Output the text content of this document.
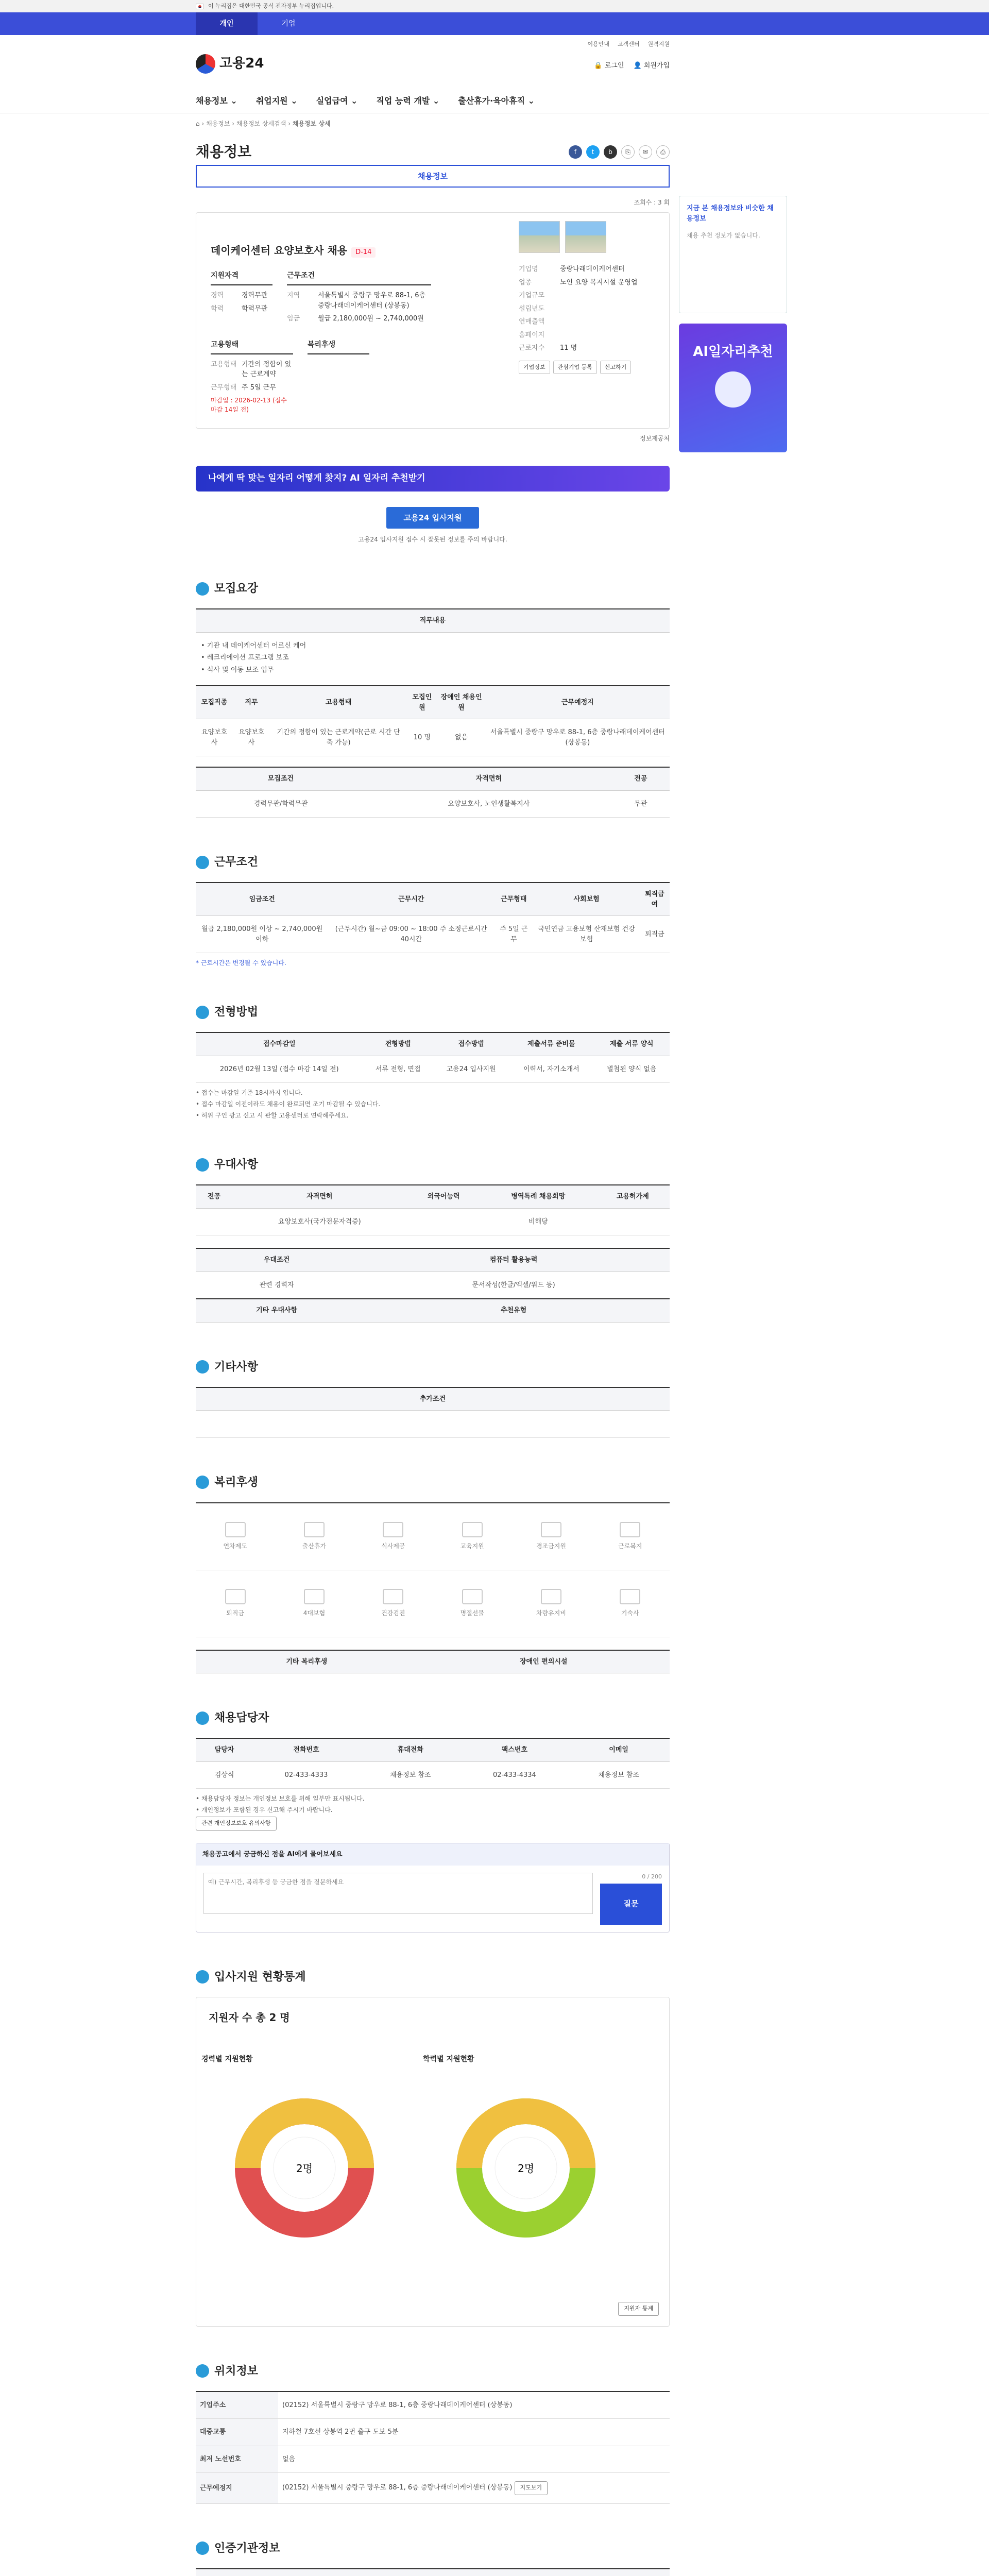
이 누리집은 대한민국 공식 전자정부 누리집입니다.
개인	기업
고용24
이용안내 고객센터 원격지원
🔒 로그인 👤 회원가입
채용정보 ⌄ 취업지원 ⌄ 실업급여 ⌄ 직업 능력 개발 ⌄ 출산휴가·육아휴직 ⌄
⌂ › 채용정보 › 채용정보 상세검색 › 채용정보 상세
채용정보	f	t	b	⎘	✉	⎙
채용정보

지금 본 채용정보와 비슷한 채용정보

채용 추천 정보가 없습니다.

AI일자리추천

조회수 : 3 회

데이케어센터 요양보호사 채용 D-14
지원자격
경력	경력무관
학력	학력무관
근무조건
지역	서울특별시 중랑구 망우로 88-1, 6층 중랑나래데이케어센터 (상봉동)
임금	월급 2,180,000원 ~ 2,740,000원
고용형태
고용형태 기간의 정함이 있는 근로계약
근무형태 주 5일 근무

마감일 : 2026-02-13 (접수 마감 14일 전)

복리후생
기업명	중랑나래데이케어센터
업종	노인 요양 복지시설 운영업
기업규모
설립년도
연매출액
홈페이지
근로자수	11 명
기업정보	관심기업 등록	신고하기

정보제공처

나에게 딱 맞는 일자리 어떻게 찾지? AI 일자리 추천받기
고용24 입사지원

고용24 입사지원 접수 시 잘못된 정보를 주의 바랍니다.

모집요강
직무내용
• 기관 내 데이케어센터 어르신 케어
• 레크리에이션 프로그램 보조
• 식사 및 이동 보조 업무
모집직종	직무	고용형태	모집인원	장애인 채용인원	근무예정지
요양보호사	요양보호사	기간의 정함이 있는 근로계약(근로 시간 단축 가능)	10 명	없음	서울특별시 중랑구 망우로 88-1, 6층 중랑나래데이케어센터 (상봉동)
모집조건	자격면허	전공
경력무관/학력무관	요양보호사, 노인생활복지사	무관
근무조건
임금조건	근무시간	근무형태	사회보험	퇴직급여
월급 2,180,000원 이상 ~ 2,740,000원 이하	(근무시간) 월~금 09:00 ~ 18:00 주 소정근로시간 40시간	주 5일 근무	국민연금 고용보험 산재보험 건강보험	퇴직금

* 근로시간은 변경될 수 있습니다.

전형방법
접수마감일	전형방법	접수방법	제출서류 준비물	제출 서류 양식
2026년 02월 13일 (접수 마감 14일 전)	서류 전형, 면접	고용24 입사지원	이력서, 자기소개서	별첨된 양식 없음

• 접수는 마감일 기준 18시까지 입니다.

• 접수 마감일 이전이라도 채용이 완료되면 조기 마감될 수 있습니다.

• 허위 구인 광고 신고 시 관할 고용센터로 연락해주세요.

우대사항
전공	자격면허	외국어능력	병역특례 채용희망	고용허가제
	요양보호사(국가전문자격증)		비해당	
우대조건	컴퓨터 활용능력
관련 경력자	문서작성(한글/엑셀/워드 등)
기타 우대사항	추천유형
기타사항
추가조건

복리후생
연차제도	출산휴가	식사제공	교육지원	경조금지원	근로복지
퇴직금	4대보험	건강검진	명절선물	차량유지비	기숙사
기타 복리후생	장애인 편의시설
채용담당자
담당자	전화번호	휴대전화	팩스번호	이메일
김상식	02-433-4333	채용정보 참조	02-433-4334	채용정보 참조

• 채용담당자 정보는 개인정보 보호를 위해 일부만 표시됩니다.

• 개인정보가 포함된 경우 신고해 주시기 바랍니다.

관련 개인정보보호 유의사항
채용공고에서 궁금하신 점을 AI에게 물어보세요
예) 근무시간, 복리후생 등 궁금한 점을 질문하세요
0 / 200
질문
입사지원 현황통계

지원자 수 총 2 명

경력별 지원현황

2명

학력별 지원현황

2명
지원자 통계
위치정보
기업주소	(02152) 서울특별시 중랑구 망우로 88-1, 6층 중랑나래데이케어센터 (상봉동)
대중교통	지하철 7호선 상봉역 2번 출구 도보 5분
최저 노선번호	없음
근무예정지	(02152) 서울특별시 중랑구 망우로 88-1, 6층 중랑나래데이케어센터 (상봉동) 지도보기
인증기관정보
